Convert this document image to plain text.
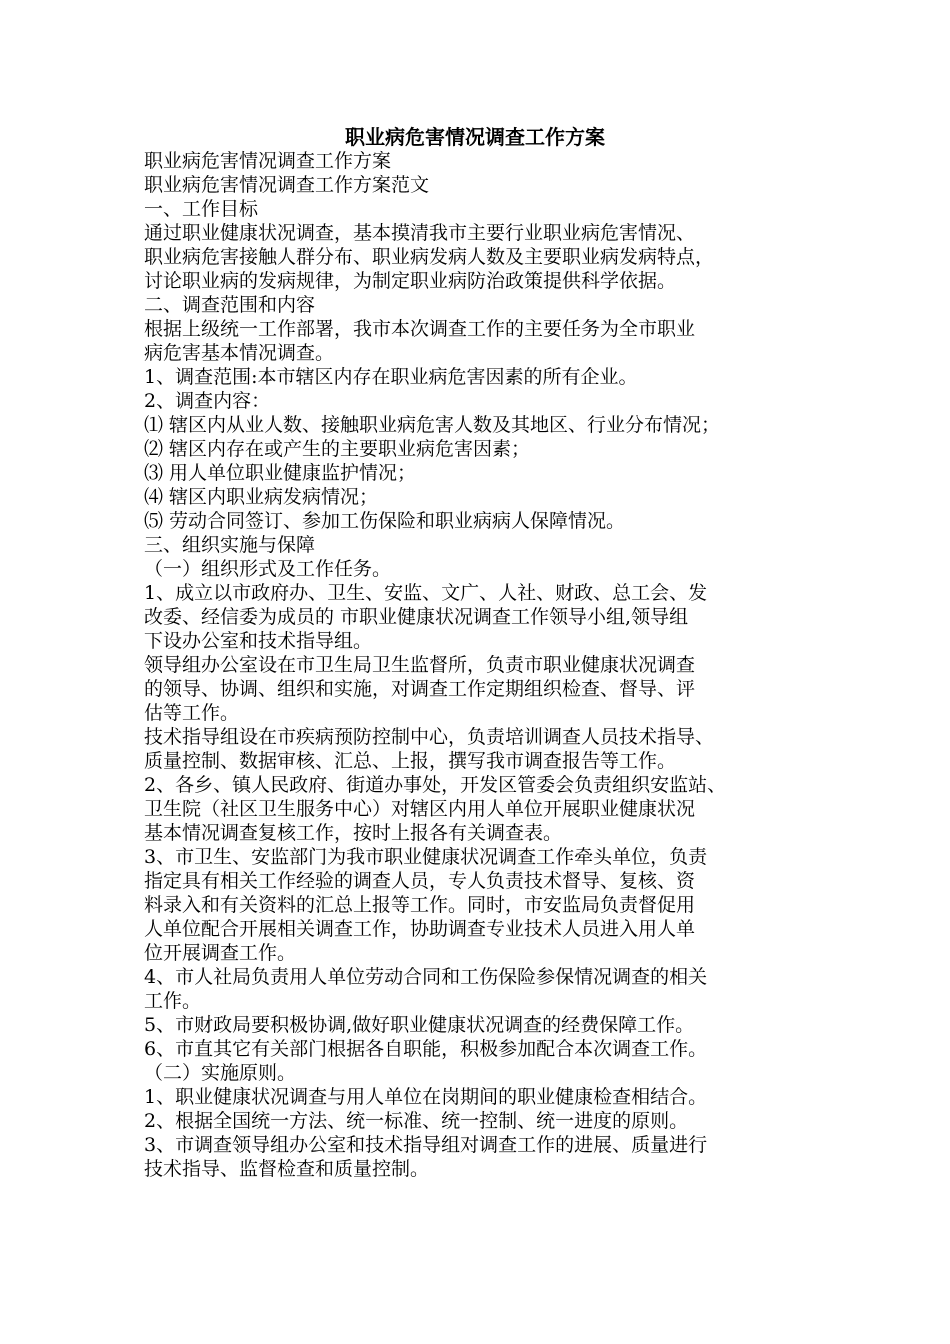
职业病危害情况调查工作方案
职业病危害情况调查工作方案
职业病危害情况调查工作方案范文
一、工作目标
通过职业健康状况调查，基本摸清我市主要行业职业病危害情况、
职业病危害接触人群分布、职业病发病人数及主要职业病发病特点，
讨论职业病的发病规律，为制定职业病防治政策提供科学依据。
二、调查范围和内容
根据上级统一工作部署，我市本次调查工作的主要任务为全市职业
病危害基本情况调查。
1、调查范围:本市辖区内存在职业病危害因素的所有企业。
2、调查内容：
⑴ 辖区内从业人数、接触职业病危害人数及其地区、行业分布情况；
⑵ 辖区内存在或产生的主要职业病危害因素；
⑶ 用人单位职业健康监护情况；
⑷ 辖区内职业病发病情况；
⑸ 劳动合同签订、参加工伤保险和职业病病人保障情况。
三、组织实施与保障
（一）组织形式及工作任务。
1、成立以市政府办、卫生、安监、文广、人社、财政、总工会、发
改委、经信委为成员的 市职业健康状况调查工作领导小组,领导组
下设办公室和技术指导组。
领导组办公室设在市卫生局卫生监督所，负责市职业健康状况调查
的领导、协调、组织和实施，对调查工作定期组织检查、督导、评
估等工作。
技术指导组设在市疾病预防控制中心，负责培训调查人员技术指导、
质量控制、数据审核、汇总、上报，撰写我市调查报告等工作。
2、各乡、镇人民政府、街道办事处，开发区管委会负责组织安监站、
卫生院（社区卫生服务中心）对辖区内用人单位开展职业健康状况
基本情况调查复核工作，按时上报各有关调查表。
3、市卫生、安监部门为我市职业健康状况调查工作牵头单位，负责
指定具有相关工作经验的调查人员，专人负责技术督导、复核、资
料录入和有关资料的汇总上报等工作。同时，市安监局负责督促用
人单位配合开展相关调查工作，协助调查专业技术人员进入用人单
位开展调查工作。
4、市人社局负责用人单位劳动合同和工伤保险参保情况调查的相关
工作。
5、市财政局要积极协调,做好职业健康状况调查的经费保障工作。
6、市直其它有关部门根据各自职能，积极参加配合本次调查工作。
（二）实施原则。
1、职业健康状况调查与用人单位在岗期间的职业健康检查相结合。
2、根据全国统一方法、统一标准、统一控制、统一进度的原则。
3、市调查领导组办公室和技术指导组对调查工作的进展、质量进行
技术指导、监督检查和质量控制。
